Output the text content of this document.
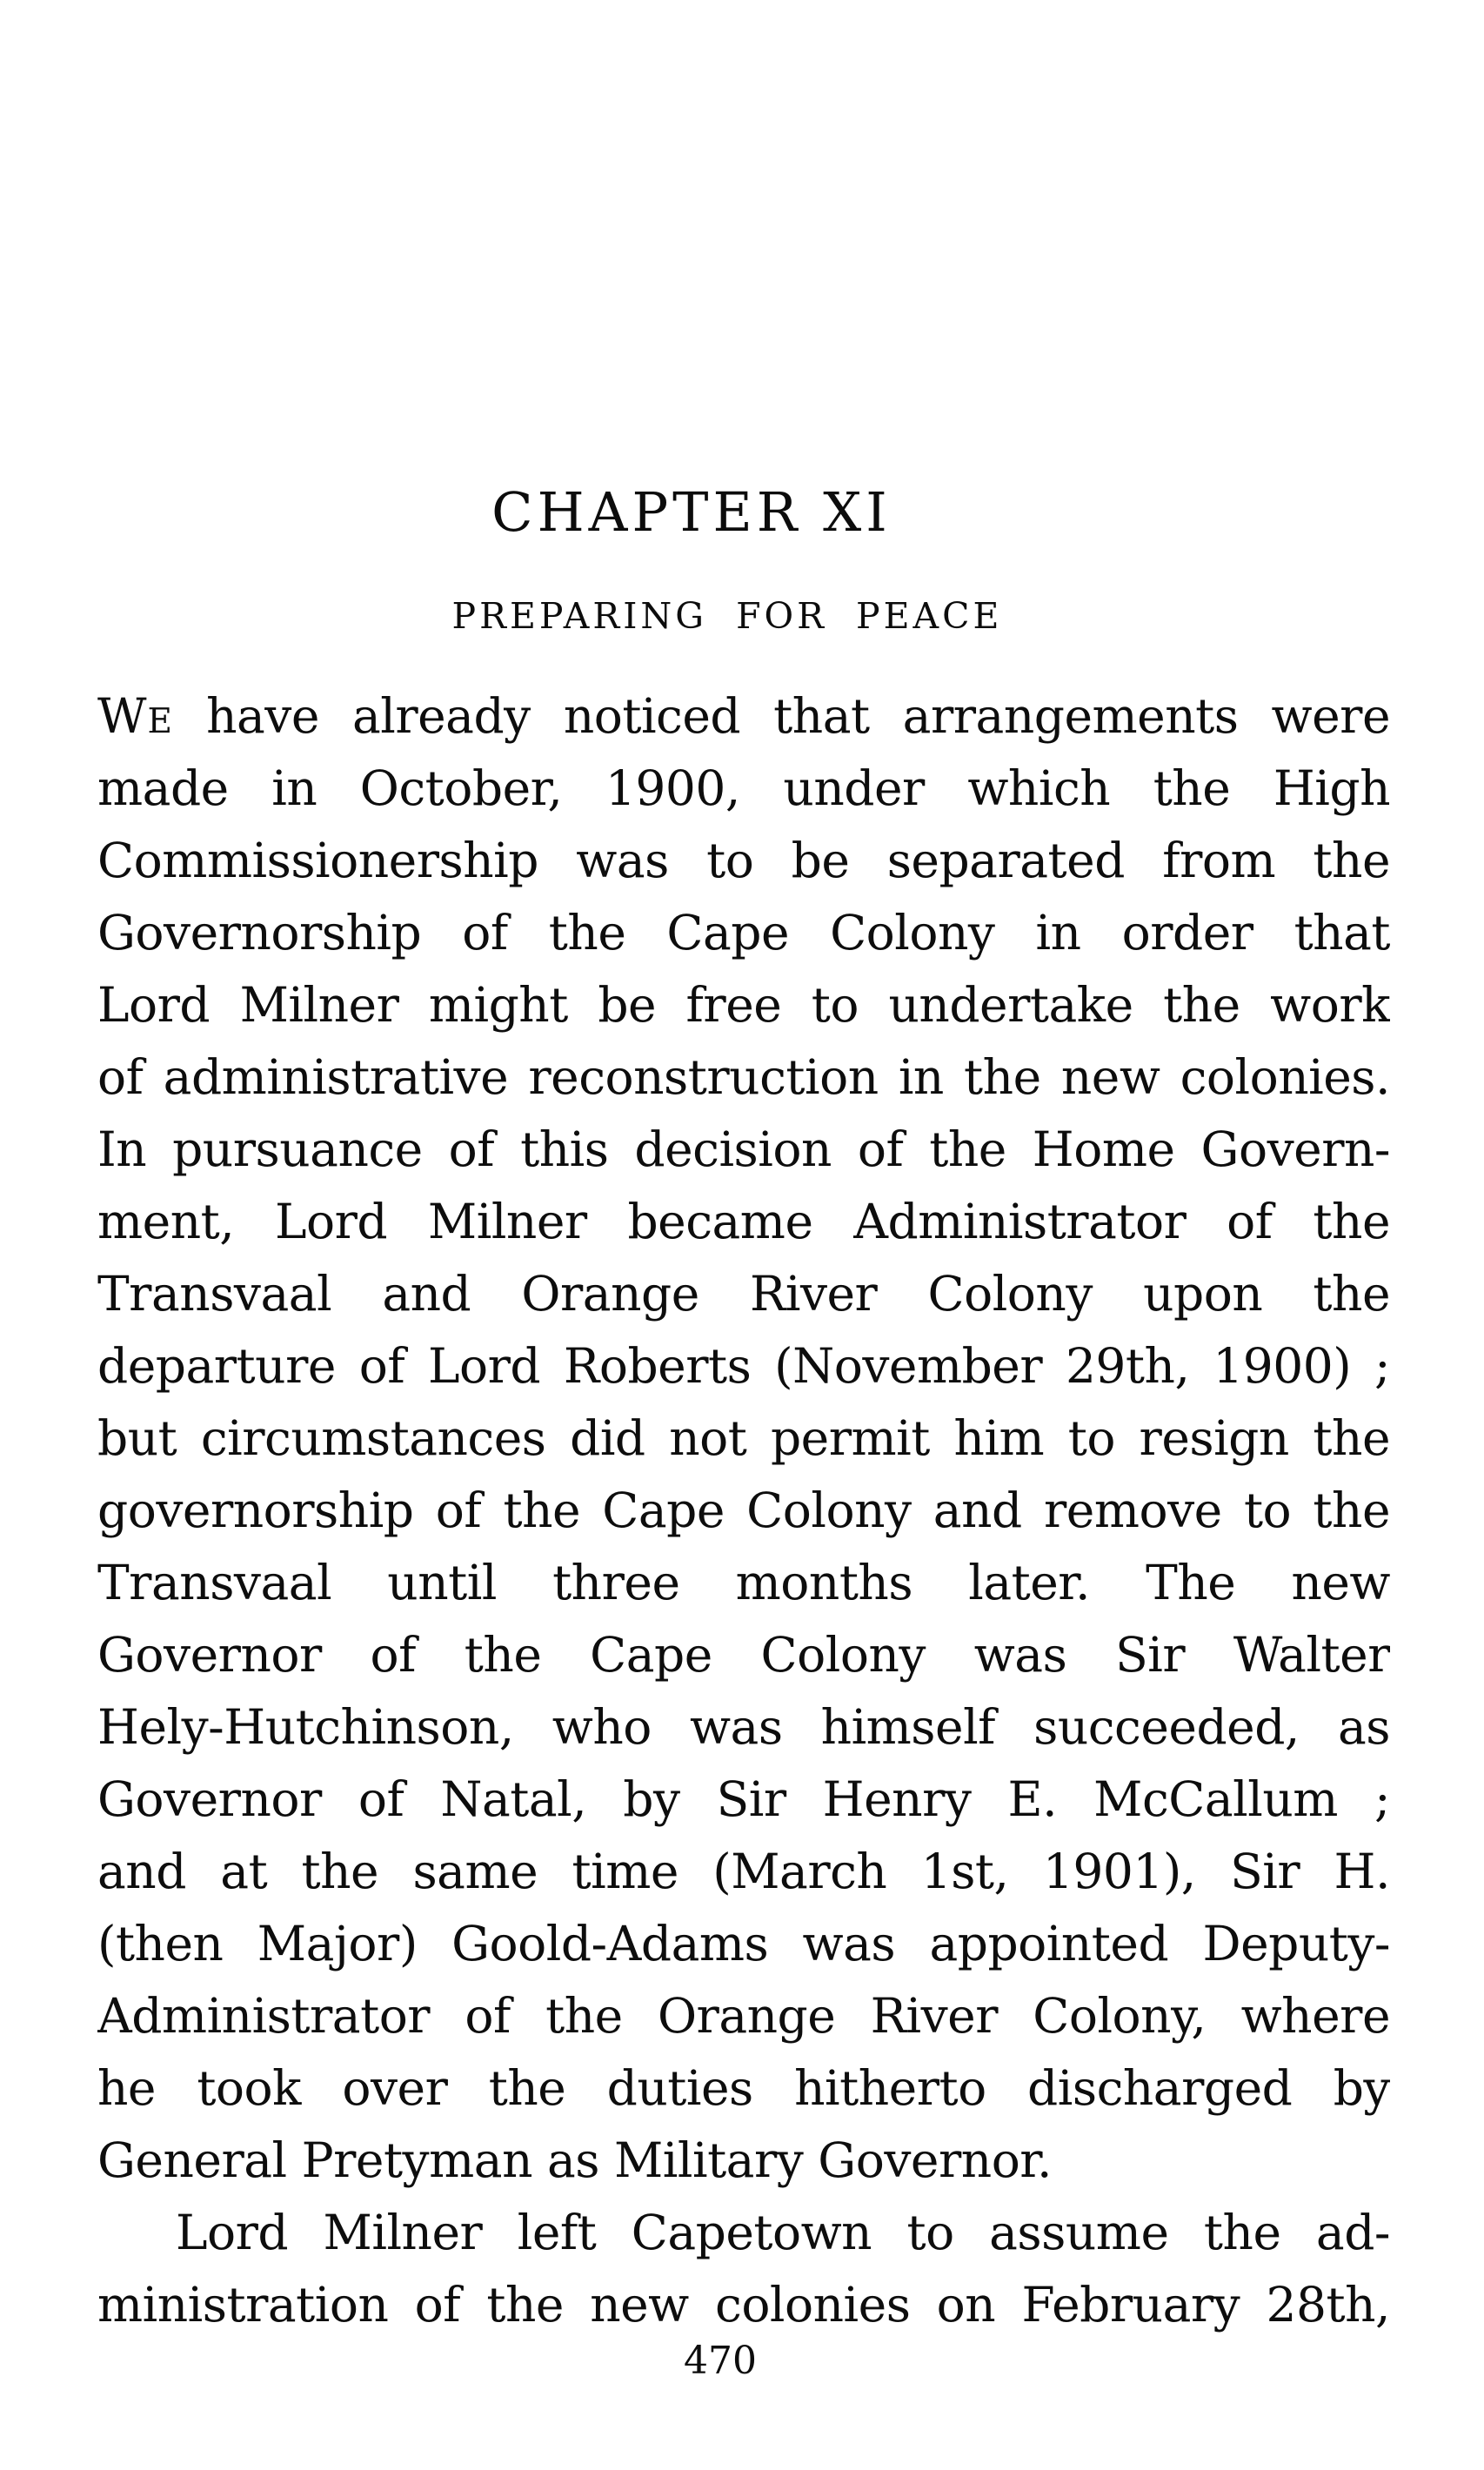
CHAPTER XI
PREPARING FOR PEACE
We have already noticed that arrangements were
made in October, 1900, under which the High
Commissionership was to be separated from the
Governorship of the Cape Colony in order that
Lord Milner might be free to undertake the work
of administrative reconstruction in the new colonies.
In pursuance of this decision of the Home Govern-
ment, Lord Milner became Administrator of the
Transvaal and Orange River Colony upon the
departure of Lord Roberts (November 29th, 1900) ;
but circumstances did not permit him to resign the
governorship of the Cape Colony and remove to the
Transvaal until three months later. The new
Governor of the Cape Colony was Sir Walter
Hely-Hutchinson, who was himself succeeded, as
Governor of Natal, by Sir Henry E. McCallum ;
and at the same time (March 1st, 1901), Sir H.
(then Major) Goold-Adams was appointed Deputy-
Administrator of the Orange River Colony, where
he took over the duties hitherto discharged by
General Pretyman as Military Governor.
Lord Milner left Capetown to assume the ad-
ministration of the new colonies on February 28th,
470
